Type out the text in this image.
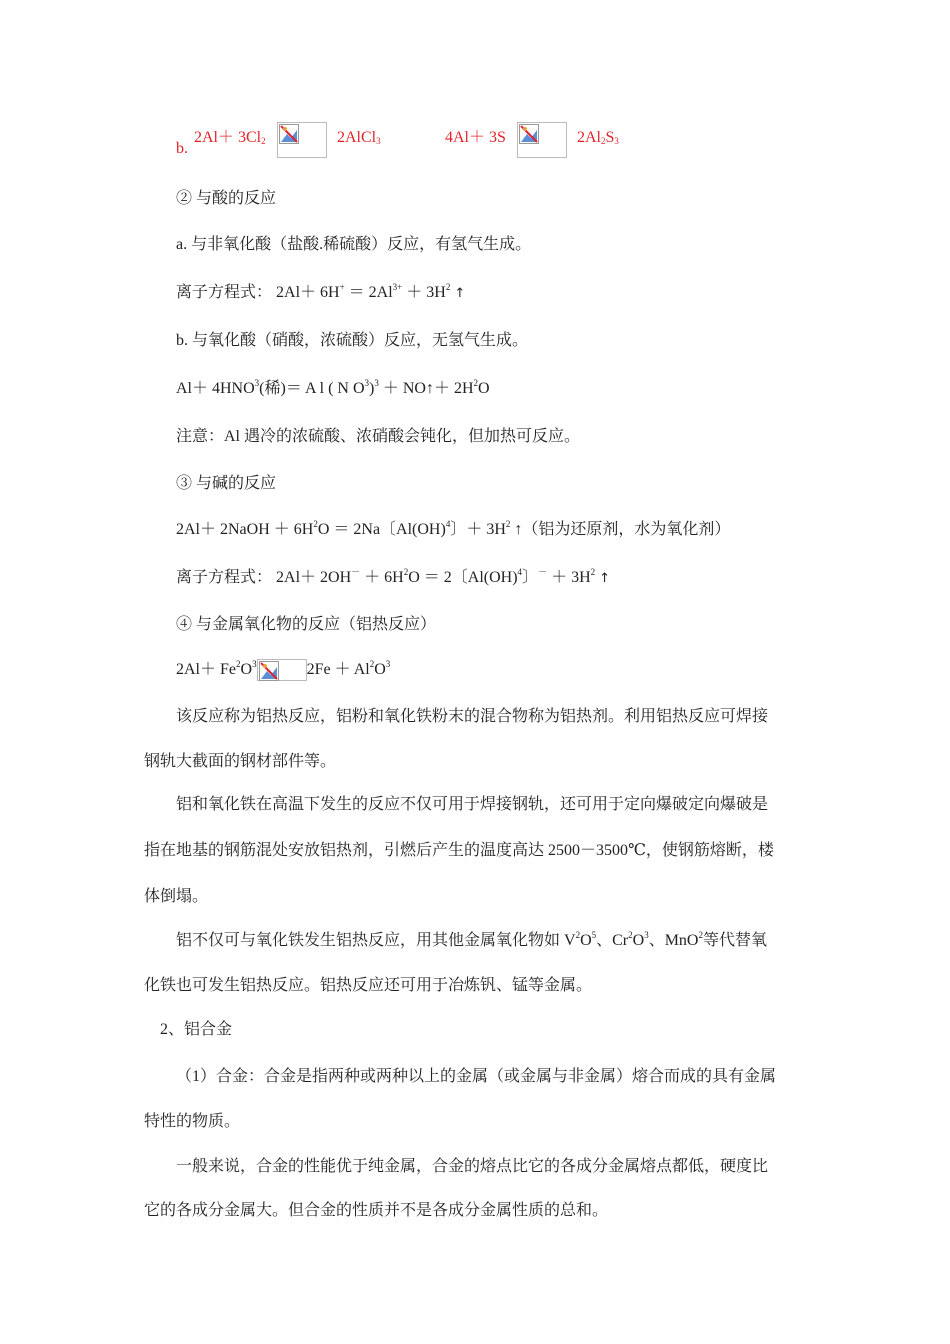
b.
$2Al+ 3Cl_2$	2AlCl$_3$	4Al＋ 3S	$2Al_2S_3$
② 与酸的反应
a. 与非氧化酸（盐酸.稀硫酸）反应，有氢气生成。
离子方程式： $2Al+ 6H^+ = 2Al^{3+} + 3H^2$ ↑
b. 与氧化酸（硝酸，浓硫酸）反应，无氢气生成。
$Al+ 4HNO^3$(稀)＝ A l ( N $O^3)^3$ ＋ NO↑＋ $2H^2O$
注意：Al 遇冷的浓硫酸、浓硝酸会钝化，但加热可反应。
③ 与碱的反应
2Al＋ 2NaOH ＋ $6H^2O = 2Na$〔Al(OH)$^4$〕＋ $3H^2$ ↑（铝为还原剂，水为氧化剂）
离子方程式： $2Al+ 2OH^- + 6H^2O = 2$〔Al(OH)$^4$〕$^- + 3H^2$ ↑
④ 与金属氧化物的反应（铝热反应）
$2Al+ Fe^2O^3$	$2Fe + Al^2O^3$
该反应称为铝热反应，铝粉和氧化铁粉末的混合物称为铝热剂。利用铝热反应可焊接
钢轨大截面的钢材部件等。
铝和氧化铁在高温下发生的反应不仅可用于焊接钢轨，还可用于定向爆破定向爆破是
指在地基的钢筋混处安放铝热剂，引燃后产生的温度高达 2500－3500℃，使钢筋熔断，楼
体倒塌。
铝不仅可与氧化铁发生铝热反应，用其他金属氧化物如 $V^2O^5$、$Cr^2O^3$、MnO$^2$等代替氧
化铁也可发生铝热反应。铝热反应还可用于冶炼钒、锰等金属。
2、铝合金
（1）合金：合金是指两种或两种以上的金属（或金属与非金属）熔合而成的具有金属
特性的物质。
一般来说，合金的性能优于纯金属，合金的熔点比它的各成分金属熔点都低，硬度比
它的各成分金属大。但合金的性质并不是各成分金属性质的总和。
